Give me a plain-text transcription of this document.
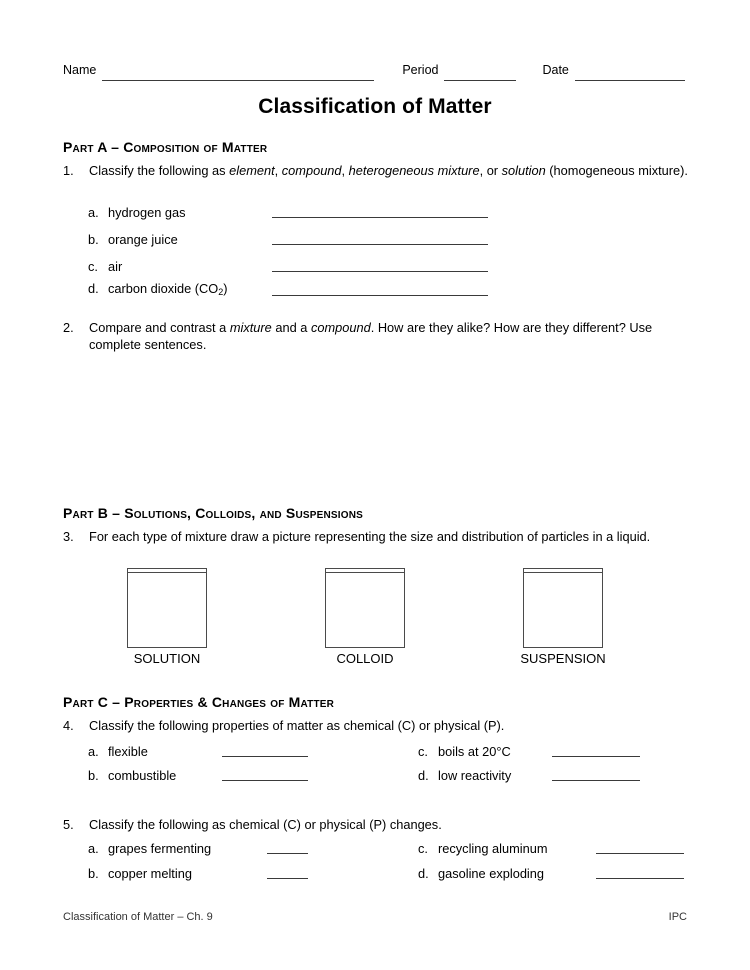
Name	Period	Date
Classification of Matter
Part A – Composition of Matter
1.	Classify the following as element, compound, heterogeneous mixture, or solution (homogeneous mixture).
a. hydrogen gas
b. orange juice
c. air
d. carbon dioxide $(CO_2)$
2.	Compare and contrast a mixture and a compound. How are they alike? How are they different? Use complete sentences.
Part B – Solutions, Colloids, and Suspensions
3.	For each type of mixture draw a picture representing the size and distribution of particles in a liquid.
SOLUTION	COLLOID	SUSPENSION
Part C – Properties & Changes of Matter
4.	Classify the following properties of matter as chemical (C) or physical (P).
a. flexible
b. combustible
c. boils at 20°C
d. low reactivity
5.	Classify the following as chemical (C) or physical (P) changes.
a. grapes fermenting
b. copper melting
c. recycling aluminum
d. gasoline exploding
Classification of Matter – Ch. 9	IPC
